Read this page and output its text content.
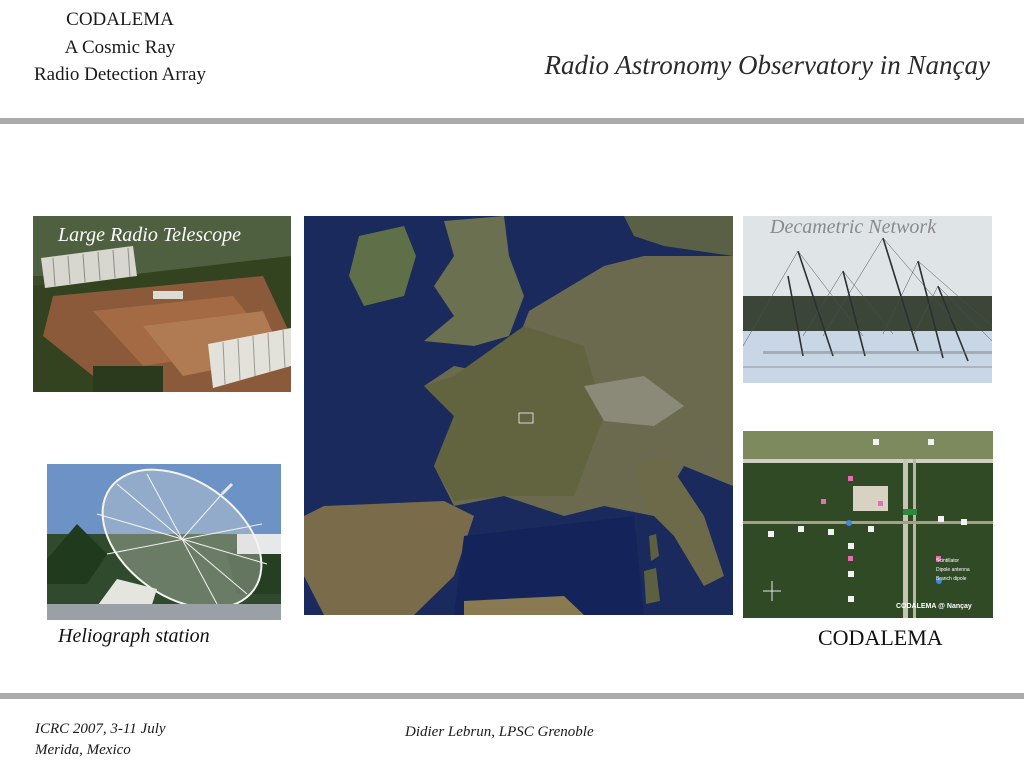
CODALEMA
A Cosmic Ray
Radio Detection Array	Radio Astronomy Observatory in Nançay
Large Radio Telescope
18330 Nançay
Decametric Network
Heliograph station
Scintillator
Dipole antenna
Branch dipole
CODALEMA @ Nançay
CODALEMA
ICRC 2007, 3-11 July
Merida, Mexico
Didier Lebrun, LPSC Grenoble
